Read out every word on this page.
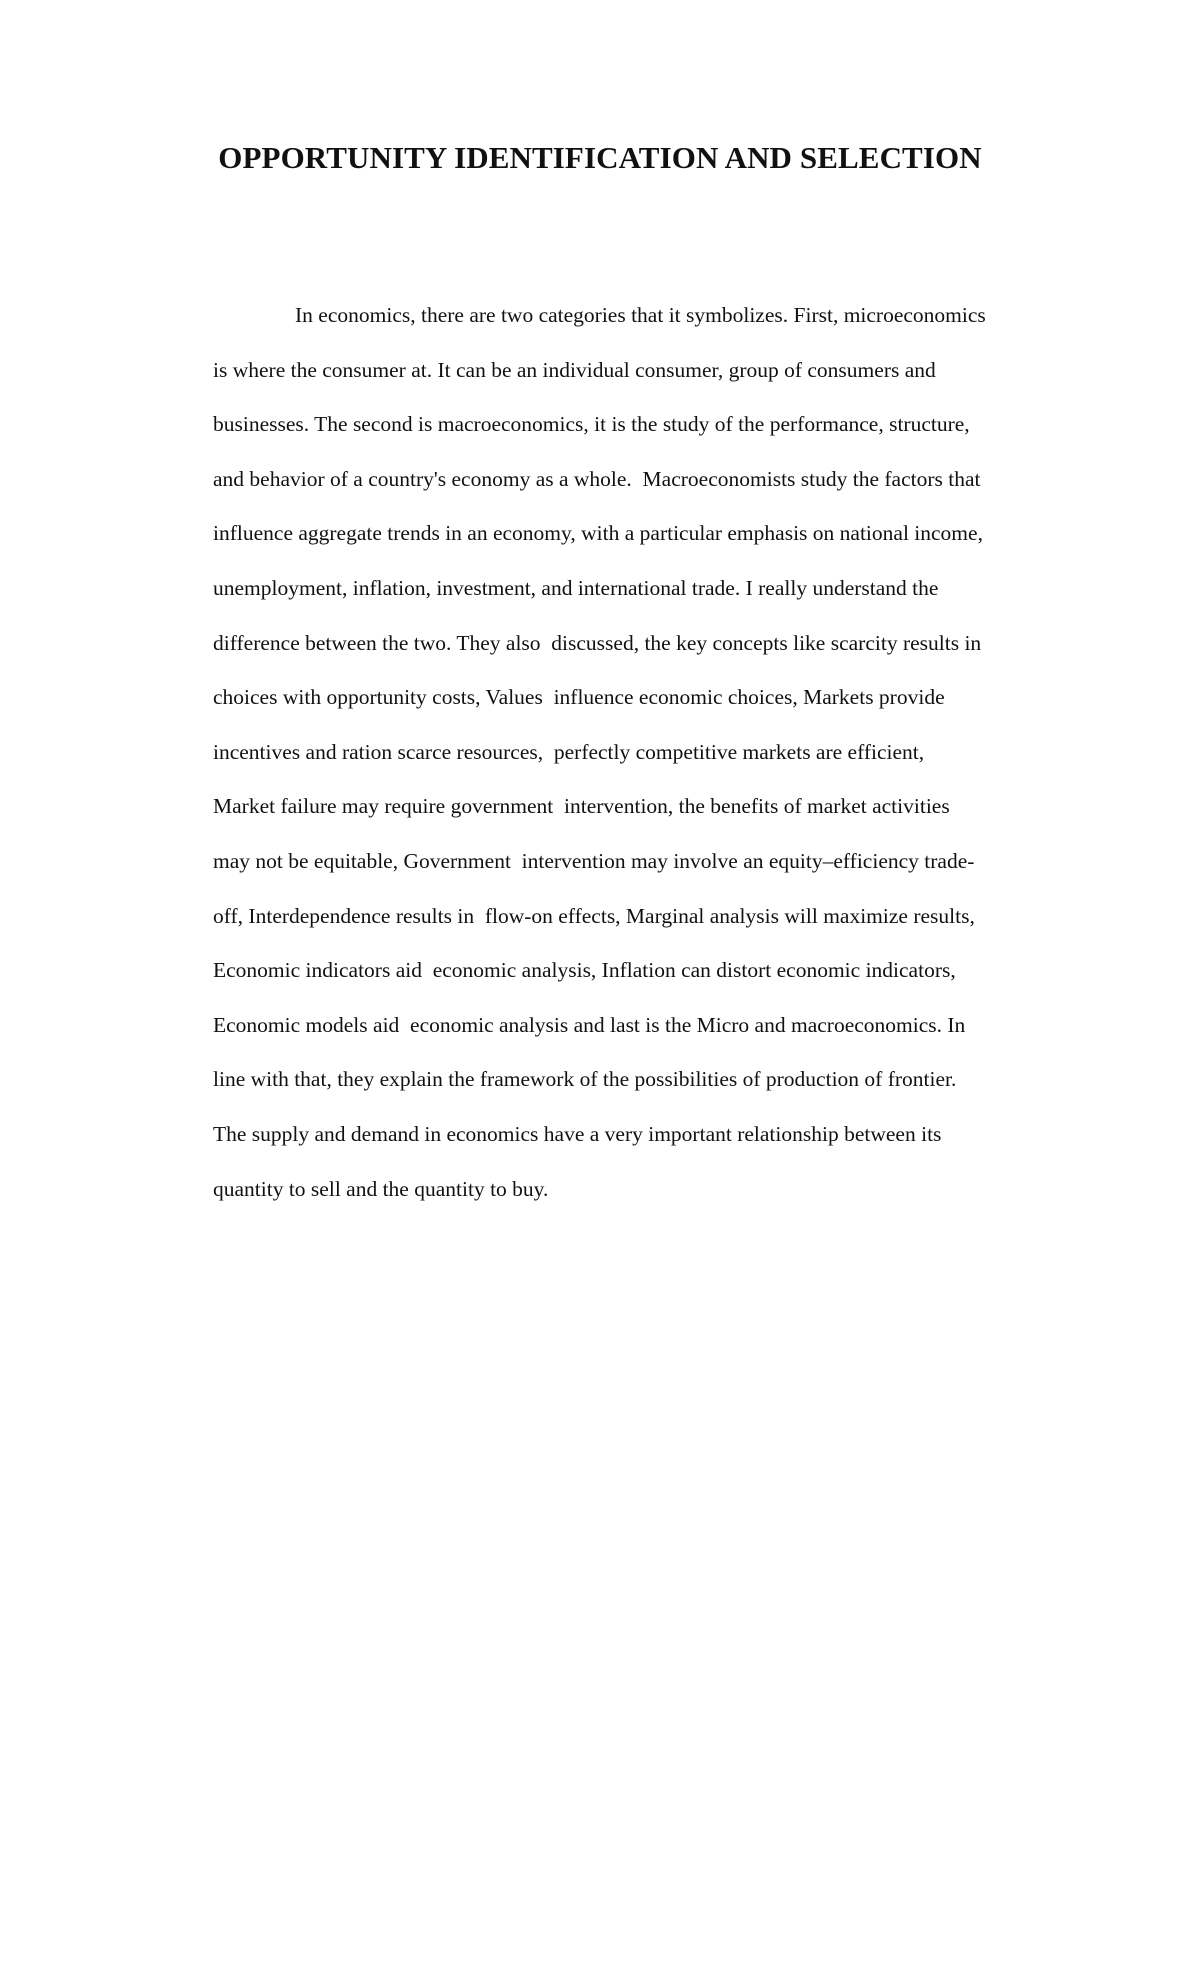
OPPORTUNITY IDENTIFICATION AND SELECTION
In economics, there are two categories that it symbolizes. First, microeconomics
is where the consumer at. It can be an individual consumer, group of consumers and
businesses. The second is macroeconomics, it is the study of the performance, structure,
and behavior of a country's economy as a whole.  Macroeconomists study the factors that
influence aggregate trends in an economy, with a particular emphasis on national income,
unemployment, inflation, investment, and international trade. I really understand the
difference between the two. They also  discussed, the key concepts like scarcity results in
choices with opportunity costs, Values  influence economic choices, Markets provide
incentives and ration scarce resources,  perfectly competitive markets are efficient,
Market failure may require government  intervention, the benefits of market activities
may not be equitable, Government  intervention may involve an equity–efficiency trade-
off, Interdependence results in  flow-on effects, Marginal analysis will maximize results,
Economic indicators aid  economic analysis, Inflation can distort economic indicators,
Economic models aid  economic analysis and last is the Micro and macroeconomics. In
line with that, they explain the framework of the possibilities of production of frontier.
The supply and demand in economics have a very important relationship between its
quantity to sell and the quantity to buy.
